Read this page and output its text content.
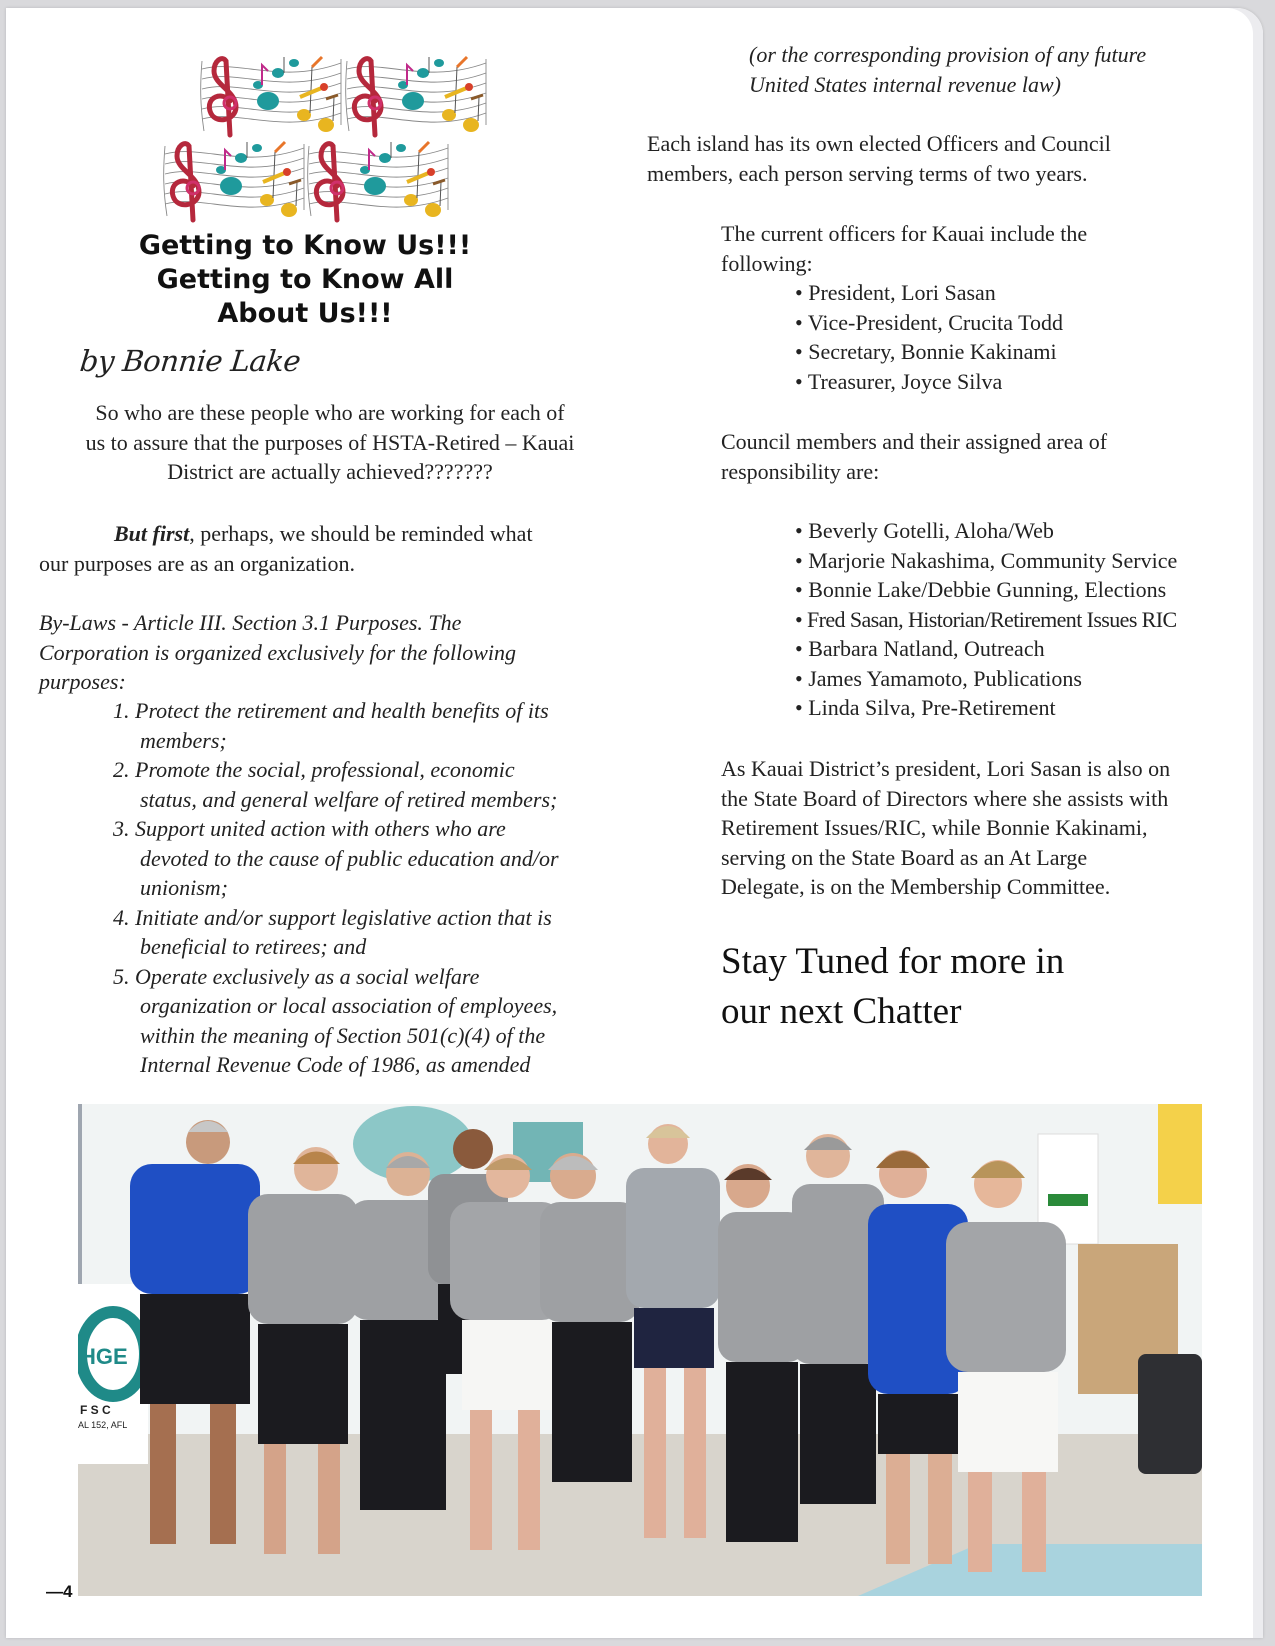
Getting to Know Us!!!
Getting to Know All
About Us!!!
by Bonnie Lake
So who are these people who are working for each of
us to assure that the purposes of HSTA-Retired – Kauai
District are actually achieved???????
But first, perhaps, we should be reminded what
our purposes are as an organization.
By-Laws - Article III. Section 3.1 Purposes. The
Corporation is organized exclusively for the following
purposes:
1. Protect the retirement and health benefits of its
members;
2. Promote the social, professional, economic
status, and general welfare of retired members;
3. Support united action with others who are
devoted to the cause of public education and/or
unionism;
4. Initiate and/or support legislative action that is
beneficial to retirees; and
5. Operate exclusively as a social welfare
organization or local association of employees,
within the meaning of Section 501(c)(4) of the
Internal Revenue Code of 1986, as amended
(or the corresponding provision of any future
United States internal revenue law)
Each island has its own elected Officers and Council
members, each person serving terms of two years.
The current officers for Kauai include the
following:
• President, Lori Sasan
• Vice-President, Crucita Todd
• Secretary, Bonnie Kakinami
• Treasurer, Joyce Silva
Council members and their assigned area of
responsibility are:
• Beverly Gotelli, Aloha/Web
• Marjorie Nakashima, Community Service
• Bonnie Lake/Debbie Gunning, Elections
• Fred Sasan, Historian/Retirement Issues RIC
• Barbara Natland, Outreach
• James Yamamoto, Publications
• Linda Silva, Pre-Retirement
As Kauai District’s president, Lori Sasan is also on
the State Board of Directors where she assists with
Retirement Issues/RIC, while Bonnie Kakinami,
serving on the State Board as an At Large
Delegate, is on the Membership Committee.
Stay Tuned for more in
our next Chatter
HGE
F S C
AL 152, AFL
—4
